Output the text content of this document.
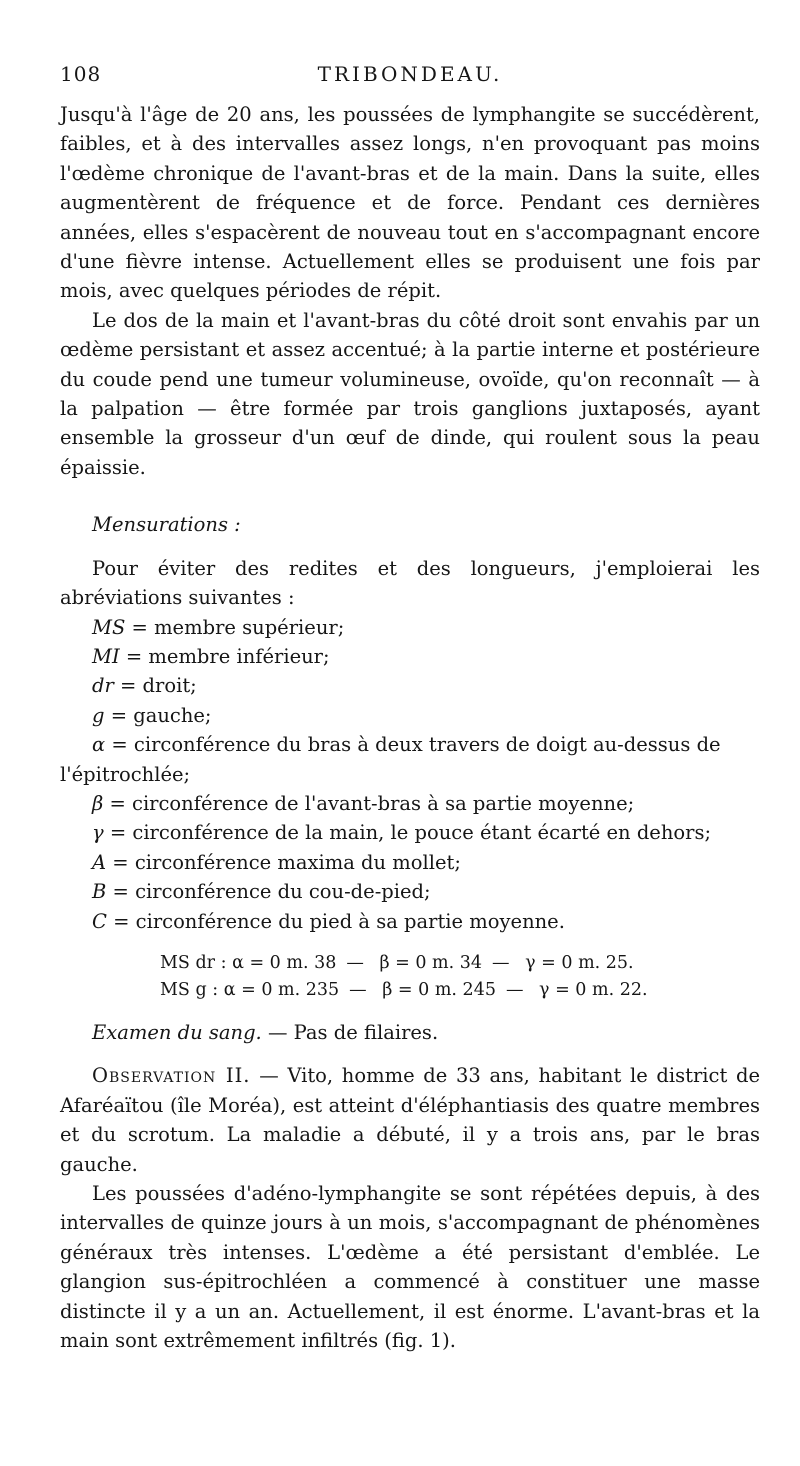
108	TRIBONDEAU.

Jusqu'à l'âge de 20 ans, les poussées de lymphangite se succédèrent, faibles, et à des intervalles assez longs, n'en provoquant pas moins l'œdème chronique de l'avant-bras et de la main. Dans la suite, elles augmentèrent de fréquence et de force. Pendant ces dernières années, elles s'espacèrent de nouveau tout en s'accompagnant encore d'une fièvre intense. Actuellement elles se produisent une fois par mois, avec quelques périodes de répit.

Le dos de la main et l'avant-bras du côté droit sont envahis par un œdème persistant et assez accentué; à la partie interne et postérieure du coude pend une tumeur volumineuse, ovoïde, qu'on reconnaît — à la palpation — être formée par trois ganglions juxtaposés, ayant ensemble la grosseur d'un œuf de dinde, qui roulent sous la peau épaissie.

Mensurations :

Pour éviter des redites et des longueurs, j'emploierai les abréviations suivantes :

MS = membre supérieur;
MI = membre inférieur;
dr = droit;
g = gauche;
α = circonférence du bras à deux travers de doigt au-dessus de l'épitrochlée;
β = circonférence de l'avant-bras à sa partie moyenne;
γ = circonférence de la main, le pouce étant écarté en dehors;
A = circonférence maxima du mollet;
B = circonférence du cou-de-pied;
C = circonférence du pied à sa partie moyenne.
MS dr : α = 0 m. 38 — β = 0 m. 34 — γ = 0 m. 25.
MS g : α = 0 m. 235 — β = 0 m. 245 — γ = 0 m. 22.
Examen du sang. — Pas de filaires.

Observation II. — Vito, homme de 33 ans, habitant le district de Afaréaïtou (île Moréa), est atteint d'éléphantiasis des quatre membres et du scrotum. La maladie a débuté, il y a trois ans, par le bras gauche.

Les poussées d'adéno-lymphangite se sont répétées depuis, à des intervalles de quinze jours à un mois, s'accompagnant de phénomènes généraux très intenses. L'œdème a été persistant d'emblée. Le glangion sus-épitrochléen a commencé à constituer une masse distincte il y a un an. Actuellement, il est énorme. L'avant-bras et la main sont extrêmement infiltrés (fig. 1).
